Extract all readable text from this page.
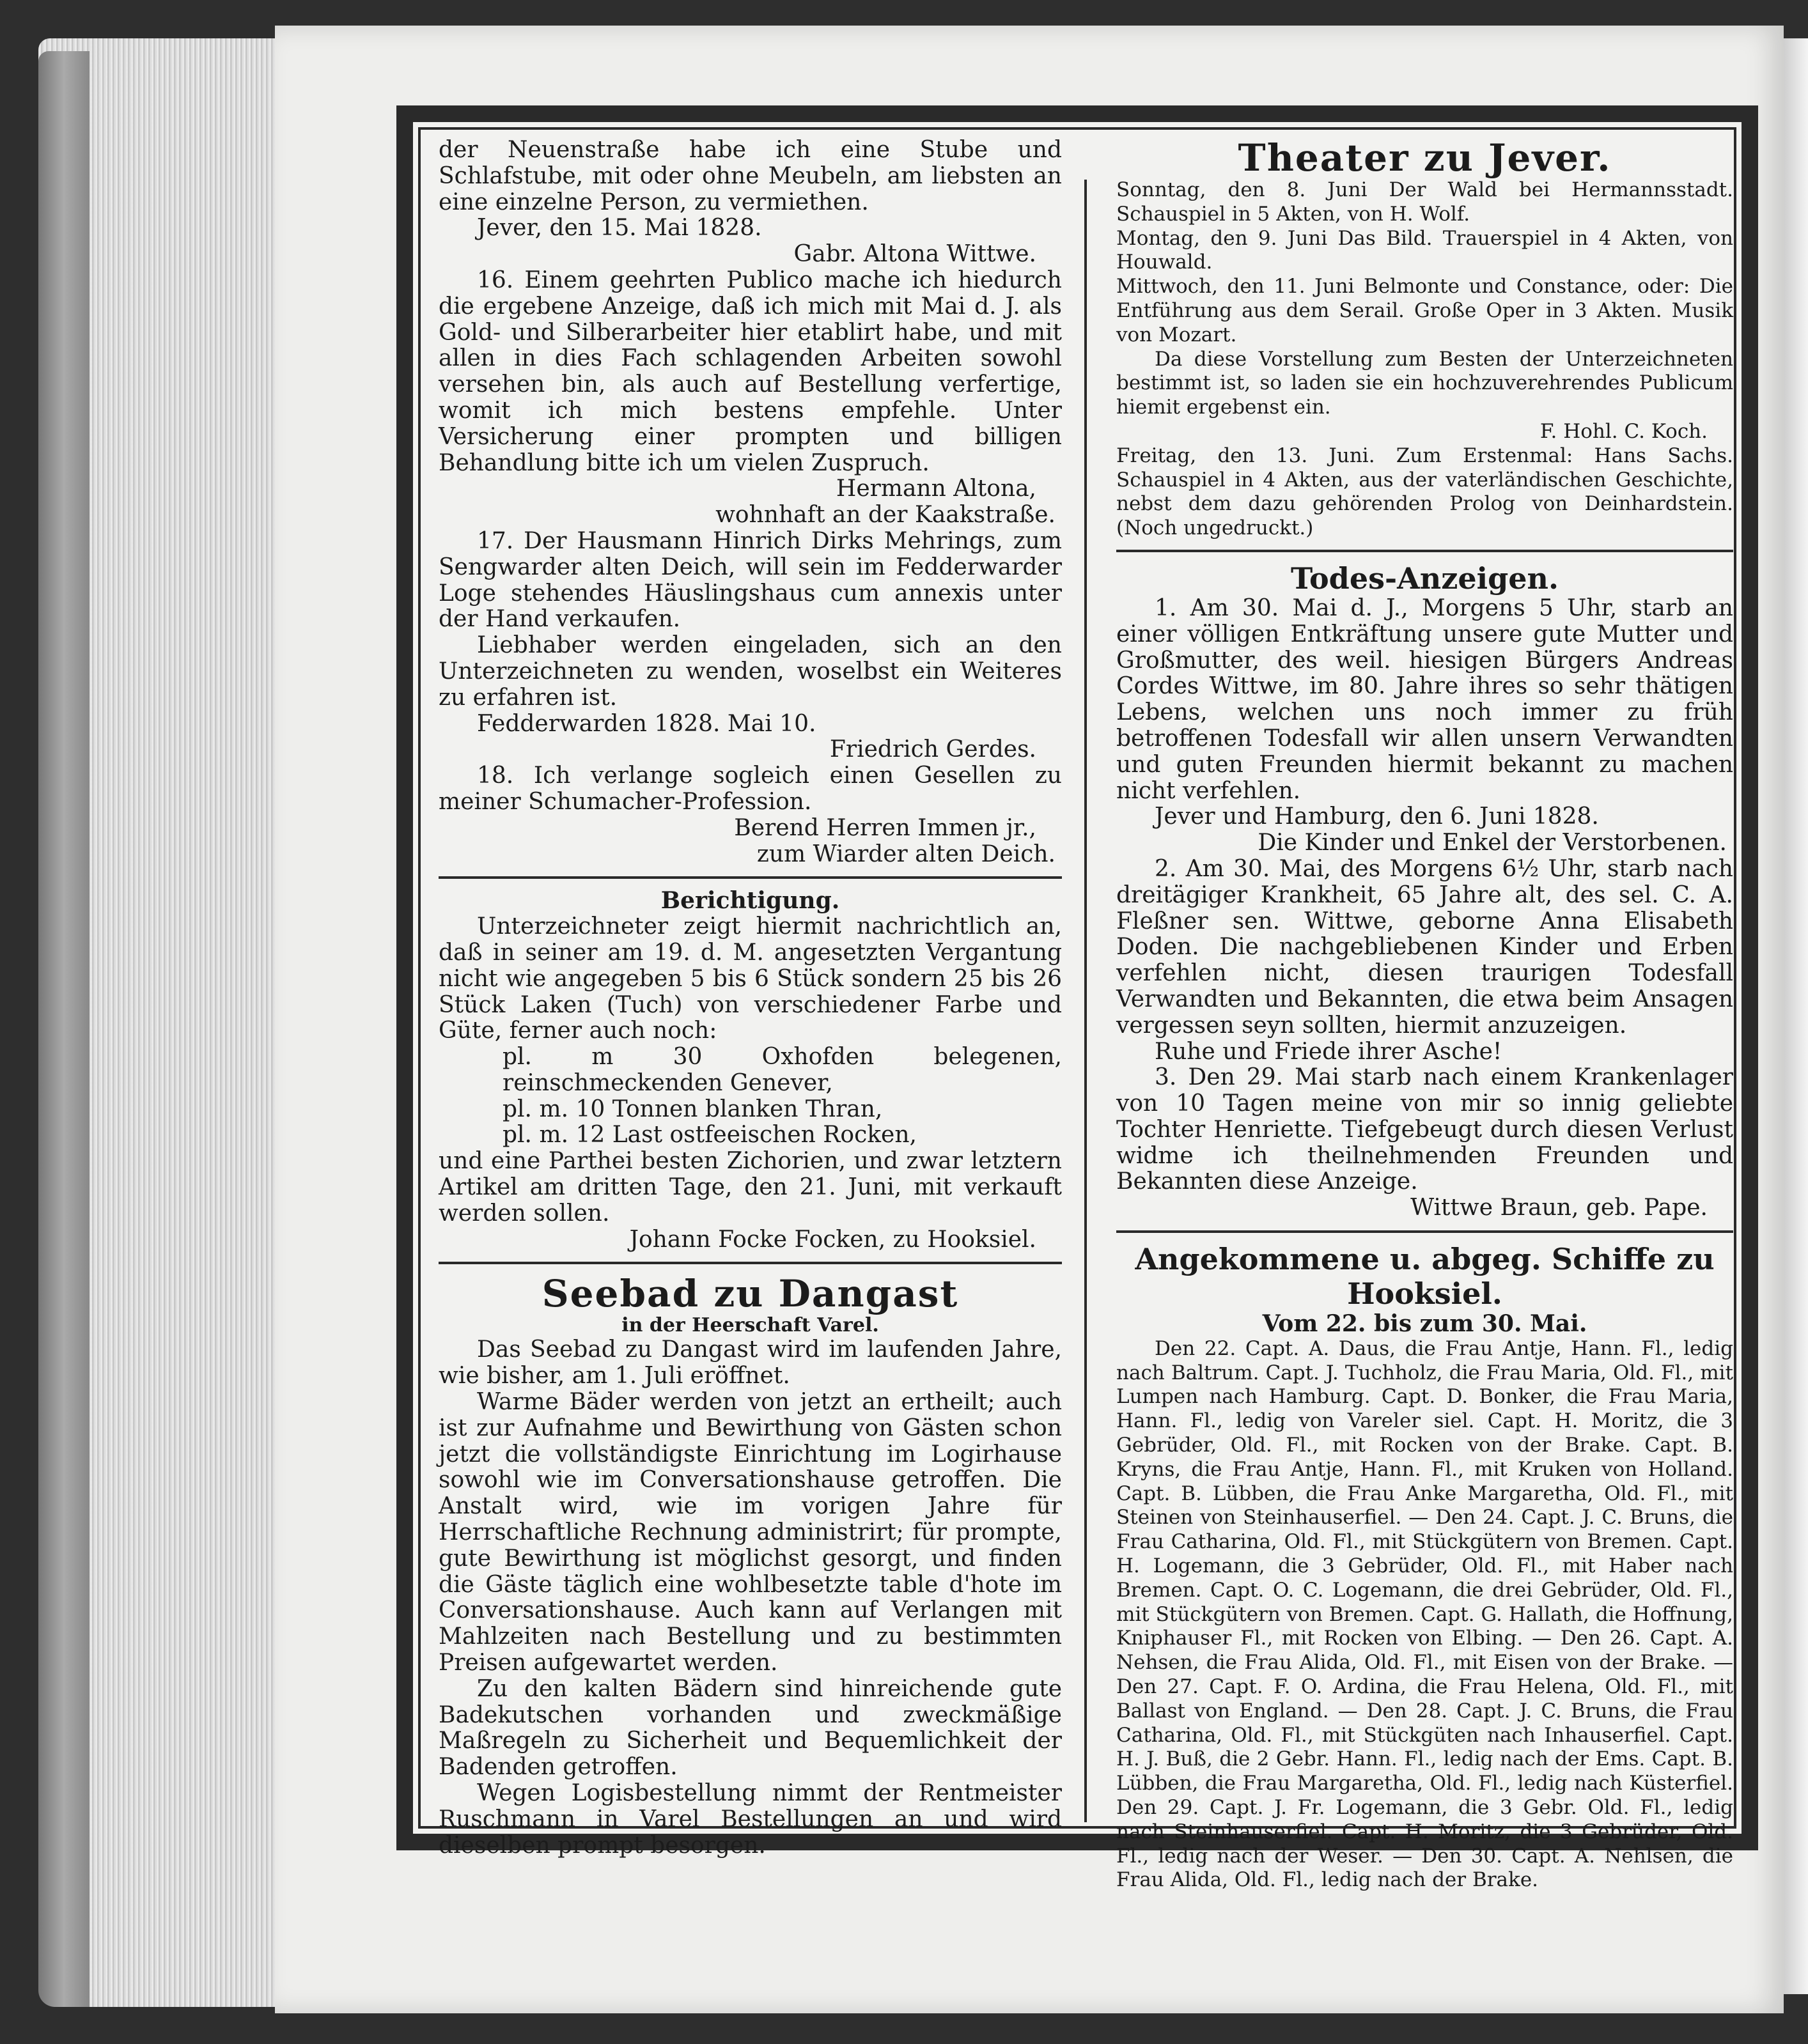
der Neuenstraße habe ich eine Stube und Schlafstube, mit oder ohne Meubeln, am liebsten an eine einzelne Person, zu vermiethen.

Jever, den 15. Mai 1828.

Gabr. Altona Wittwe.

16. Einem geehrten Publico mache ich hiedurch die ergebene Anzeige, daß ich mich mit Mai d. J. als Gold- und Silberarbeiter hier etablirt habe, und mit allen in dies Fach schlagenden Arbeiten sowohl versehen bin, als auch auf Bestellung verfertige, womit ich mich bestens empfehle. Unter Versicherung einer prompten und billigen Behandlung bitte ich um vielen Zuspruch.

Hermann Altona,

wohnhaft an der Kaakstraße.

17. Der Hausmann Hinrich Dirks Mehrings, zum Sengwarder alten Deich, will sein im Fedderwarder Loge stehendes Häuslingshaus cum annexis unter der Hand verkaufen.

Liebhaber werden eingeladen, sich an den Unterzeichneten zu wenden, woselbst ein Weiteres zu erfahren ist.

Fedderwarden 1828. Mai 10.

Friedrich Gerdes.

18. Ich verlange sogleich einen Gesellen zu meiner Schumacher-Profession.

Berend Herren Immen jr.,

zum Wiarder alten Deich.

Berichtigung.

Unterzeichneter zeigt hiermit nachrichtlich an, daß in seiner am 19. d. M. angesetzten Vergantung nicht wie angegeben 5 bis 6 Stück sondern 25 bis 26 Stück Laken (Tuch) von verschiedener Farbe und Güte, ferner auch noch:

pl. m 30 Oxhofden belegenen, reinschmeckenden Genever,

pl. m. 10 Tonnen blanken Thran,

pl. m. 12 Last ostfeeischen Rocken,

und eine Parthei besten Zichorien, und zwar letztern Artikel am dritten Tage, den 21. Juni, mit verkauft werden sollen.

Johann Focke Focken, zu Hooksiel.

Seebad zu Dangast

in der Heerschaft Varel.

Das Seebad zu Dangast wird im laufenden Jahre, wie bisher, am 1. Juli eröffnet.

Warme Bäder werden von jetzt an ertheilt; auch ist zur Aufnahme und Bewirthung von Gästen schon jetzt die vollständigste Einrichtung im Logirhause sowohl wie im Conversationshause getroffen. Die Anstalt wird, wie im vorigen Jahre für Herrschaftliche Rechnung administrirt; für prompte, gute Bewirthung ist möglichst gesorgt, und finden die Gäste täglich eine wohlbesetzte table d'hote im Conversationshause. Auch kann auf Verlangen mit Mahlzeiten nach Bestellung und zu bestimmten Preisen aufgewartet werden.

Zu den kalten Bädern sind hinreichende gute Badekutschen vorhanden und zweckmäßige Maßregeln zu Sicherheit und Bequemlichkeit der Badenden getroffen.

Wegen Logisbestellung nimmt der Rentmeister Ruschmann in Varel Bestellungen an und wird dieselben prompt besorgen.

Theater zu Jever.

Sonntag, den 8. Juni Der Wald bei Hermannsstadt. Schauspiel in 5 Akten, von H. Wolf.

Montag, den 9. Juni Das Bild. Trauerspiel in 4 Akten, von Houwald.

Mittwoch, den 11. Juni Belmonte und Constance, oder: Die Entführung aus dem Serail. Große Oper in 3 Akten. Musik von Mozart.

Da diese Vorstellung zum Besten der Unterzeichneten bestimmt ist, so laden sie ein hochzuverehrendes Publicum hiemit ergebenst ein.

F. Hohl. C. Koch.

Freitag, den 13. Juni. Zum Erstenmal: Hans Sachs. Schauspiel in 4 Akten, aus der vaterländischen Geschichte, nebst dem dazu gehörenden Prolog von Deinhardstein. (Noch ungedruckt.)

Todes-Anzeigen.

1. Am 30. Mai d. J., Morgens 5 Uhr, starb an einer völligen Entkräftung unsere gute Mutter und Großmutter, des weil. hiesigen Bürgers Andreas Cordes Wittwe, im 80. Jahre ihres so sehr thätigen Lebens, welchen uns noch immer zu früh betroffenen Todesfall wir allen unsern Verwandten und guten Freunden hiermit bekannt zu machen nicht verfehlen.

Jever und Hamburg, den 6. Juni 1828.

Die Kinder und Enkel der Verstorbenen.

2. Am 30. Mai, des Morgens 6½ Uhr, starb nach dreitägiger Krankheit, 65 Jahre alt, des sel. C. A. Fleßner sen. Wittwe, geborne Anna Elisabeth Doden. Die nachgebliebenen Kinder und Erben verfehlen nicht, diesen traurigen Todesfall Verwandten und Bekannten, die etwa beim Ansagen vergessen seyn sollten, hiermit anzuzeigen.

Ruhe und Friede ihrer Asche!

3. Den 29. Mai starb nach einem Krankenlager von 10 Tagen meine von mir so innig geliebte Tochter Henriette. Tiefgebeugt durch diesen Verlust widme ich theilnehmenden Freunden und Bekannten diese Anzeige.

Wittwe Braun, geb. Pape.

Angekommene u. abgeg. Schiffe zu Hooksiel.

Vom 22. bis zum 30. Mai.

Den 22. Capt. A. Daus, die Frau Antje, Hann. Fl., ledig nach Baltrum. Capt. J. Tuchholz, die Frau Maria, Old. Fl., mit Lumpen nach Hamburg. Capt. D. Bonker, die Frau Maria, Hann. Fl., ledig von Vareler siel. Capt. H. Moritz, die 3 Gebrüder, Old. Fl., mit Rocken von der Brake. Capt. B. Kryns, die Frau Antje, Hann. Fl., mit Kruken von Holland. Capt. B. Lübben, die Frau Anke Margaretha, Old. Fl., mit Steinen von Steinhauserfiel. — Den 24. Capt. J. C. Bruns, die Frau Catharina, Old. Fl., mit Stückgütern von Bremen. Capt. H. Logemann, die 3 Gebrüder, Old. Fl., mit Haber nach Bremen. Capt. O. C. Logemann, die drei Gebrüder, Old. Fl., mit Stückgütern von Bremen. Capt. G. Hallath, die Hoffnung, Kniphauser Fl., mit Rocken von Elbing. — Den 26. Capt. A. Nehsen, die Frau Alida, Old. Fl., mit Eisen von der Brake. — Den 27. Capt. F. O. Ardina, die Frau Helena, Old. Fl., mit Ballast von England. — Den 28. Capt. J. C. Bruns, die Frau Catharina, Old. Fl., mit Stückgüten nach Inhauserfiel. Capt. H. J. Buß, die 2 Gebr. Hann. Fl., ledig nach der Ems. Capt. B. Lübben, die Frau Margaretha, Old. Fl., ledig nach Küsterfiel. Den 29. Capt. J. Fr. Logemann, die 3 Gebr. Old. Fl., ledig nach Steinhauserfiel. Capt. H. Moritz, die 3 Gebrüder, Old. Fl., ledig nach der Weser. — Den 30. Capt. A. Nehlsen, die Frau Alida, Old. Fl., ledig nach der Brake.
